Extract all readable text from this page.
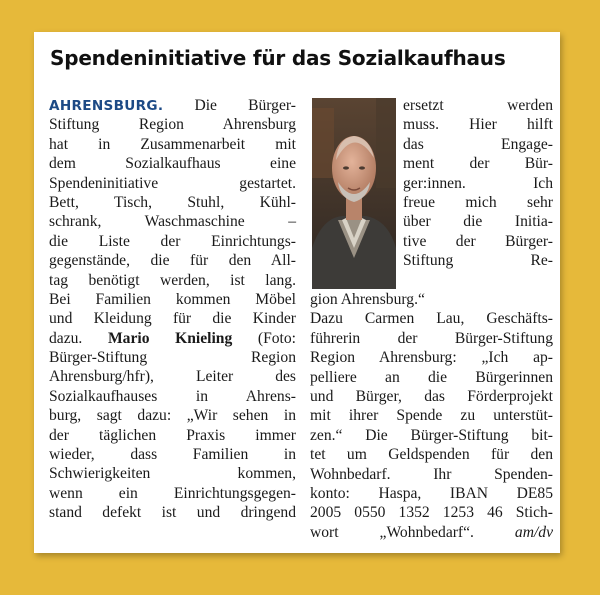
Spendeninitiative für das Sozialkaufhaus
AHRENSBURG. Die Bürger-
Stiftung Region Ahrensburg
hat in Zusammenarbeit mit
dem Sozialkaufhaus eine
Spendeninitiative gestartet.
Bett, Tisch, Stuhl, Kühl-
schrank, Waschmaschine –
die Liste der Einrichtungs-
gegenstände, die für den All-
tag benötigt werden, ist lang.
Bei Familien kommen Möbel
und Kleidung für die Kinder
dazu. Mario Knieling (Foto:
Bürger-Stiftung Region
Ahrensburg/hfr), Leiter des
Sozialkaufhauses in Ahrens-
burg, sagt dazu: „Wir sehen in
der täglichen Praxis immer
wieder, dass Familien in
Schwierigkeiten kommen,
wenn ein Einrichtungsgegen-
stand defekt ist und dringend
ersetzt werden
muss. Hier hilft
das Engage-
ment der Bür-
ger:innen. Ich
freue mich sehr
über die Initia-
tive der Bürger-
Stiftung Re-
gion Ahrensburg.“
Dazu Carmen Lau, Geschäfts-
führerin der Bürger-Stiftung
Region Ahrensburg: „Ich ap-
pelliere an die Bürgerinnen
und Bürger, das Förderprojekt
mit ihrer Spende zu unterstüt-
zen.“ Die Bürger-Stiftung bit-
tet um Geldspenden für den
Wohnbedarf. Ihr Spenden-
konto: Haspa, IBAN DE85
2005 0550 1352 1253 46 Stich-
wort „Wohnbedarf“.	am/dv
